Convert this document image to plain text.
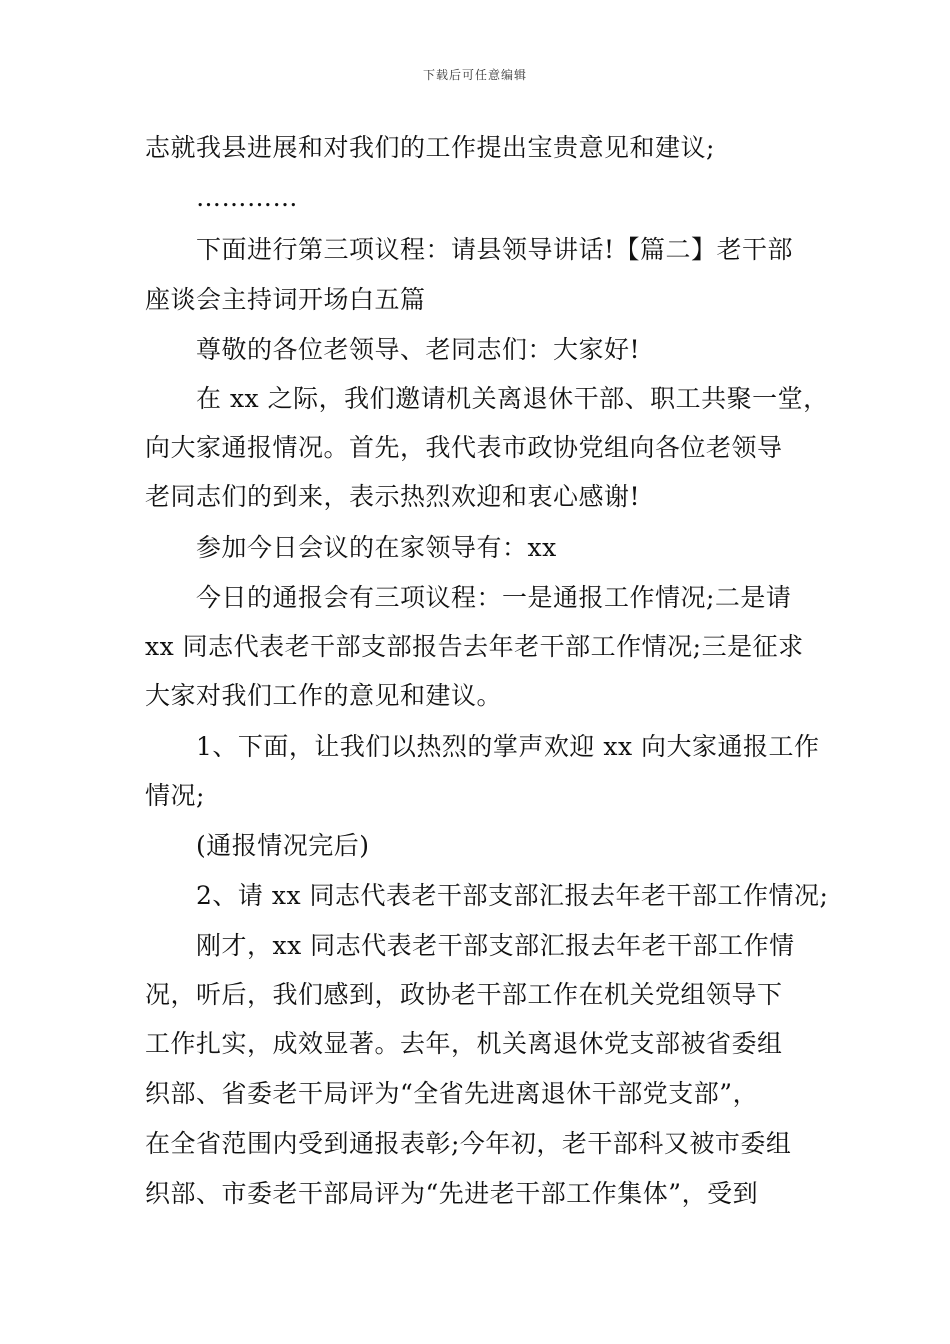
下载后可任意编辑
志就我县进展和对我们的工作提出宝贵意见和建议;
…………
下面进行第三项议程：请县领导讲话!【篇二】老干部
座谈会主持词开场白五篇
尊敬的各位老领导、老同志们：大家好!
在 xx 之际，我们邀请机关离退休干部、职工共聚一堂，
向大家通报情况。首先，我代表市政协党组向各位老领导
老同志们的到来，表示热烈欢迎和衷心感谢!
参加今日会议的在家领导有：xx
今日的通报会有三项议程：一是通报工作情况;二是请
xx 同志代表老干部支部报告去年老干部工作情况;三是征求
大家对我们工作的意见和建议。
1、下面，让我们以热烈的掌声欢迎 xx 向大家通报工作
情况;
(通报情况完后)
2、请 xx 同志代表老干部支部汇报去年老干部工作情况;
刚才，xx 同志代表老干部支部汇报去年老干部工作情
况，听后，我们感到，政协老干部工作在机关党组领导下
工作扎实，成效显著。去年，机关离退休党支部被省委组
织部、省委老干局评为“全省先进离退休干部党支部”，
在全省范围内受到通报表彰;今年初，老干部科又被市委组
织部、市委老干部局评为“先进老干部工作集体”，受到
